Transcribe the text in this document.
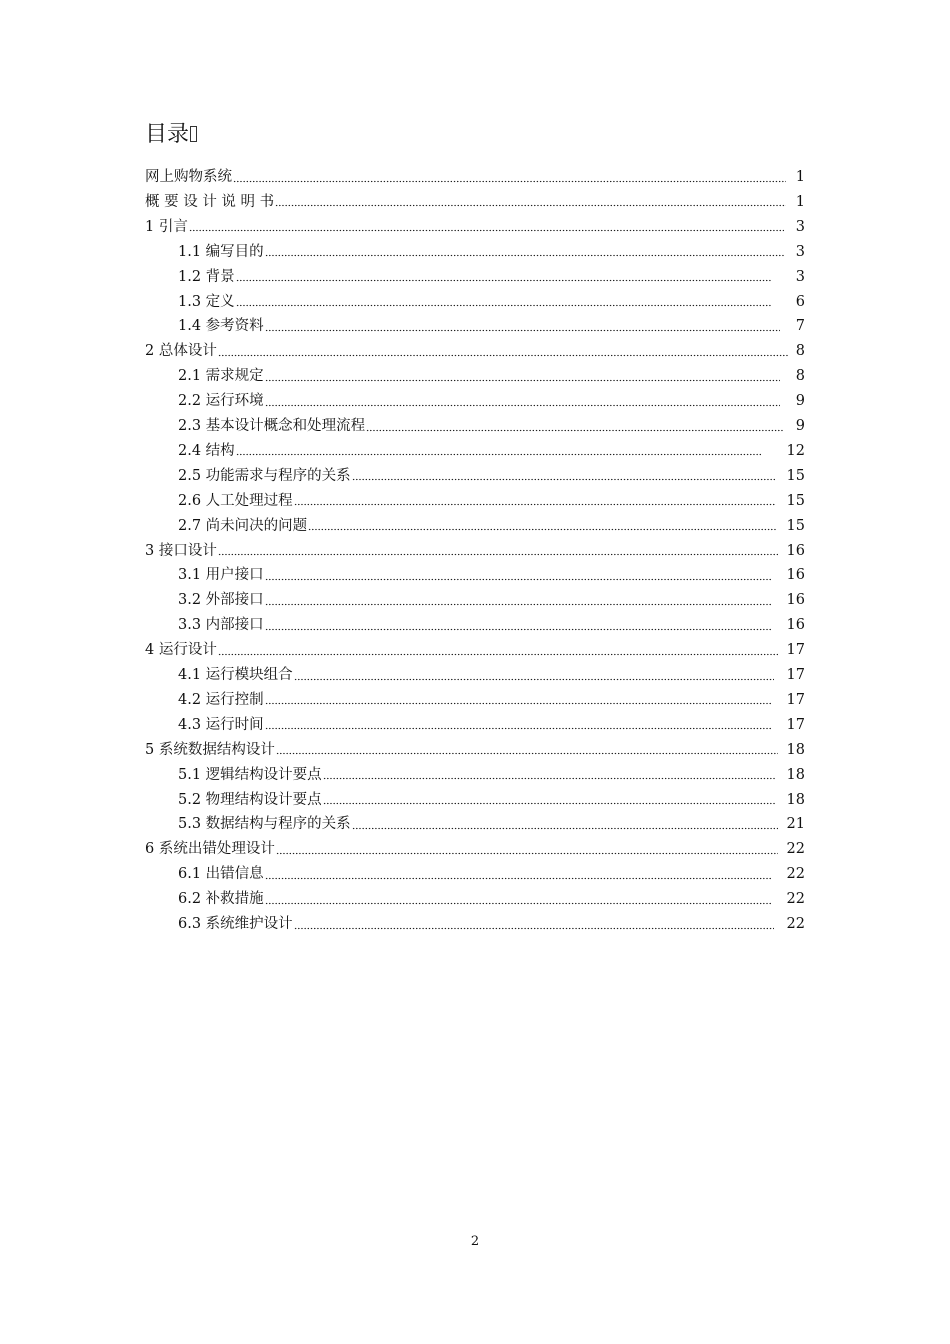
目录
网上购物系统	1
概 要 设 计 说 明 书	1
1 引言	3
1.1 编写目的	3
1.2 背景	3
1.3 定义	6
1.4 参考资料	7
2 总体设计	8
2.1 需求规定	8
2.2 运行环境	9
2.3 基本设计概念和处理流程	9
2.4 结构	12
2.5 功能需求与程序的关系	15
2.6 人工处理过程	15
2.7 尚未问决的问题	15
3 接口设计	16
3.1 用户接口	16
3.2 外部接口	16
3.3 内部接口	16
4 运行设计	17
4.1 运行模块组合	17
4.2 运行控制	17
4.3 运行时间	17
5 系统数据结构设计	18
5.1 逻辑结构设计要点	18
5.2 物理结构设计要点	18
5.3 数据结构与程序的关系	21
6 系统出错处理设计	22
6.1 出错信息	22
6.2 补救措施	22
6.3 系统维护设计	22
2
